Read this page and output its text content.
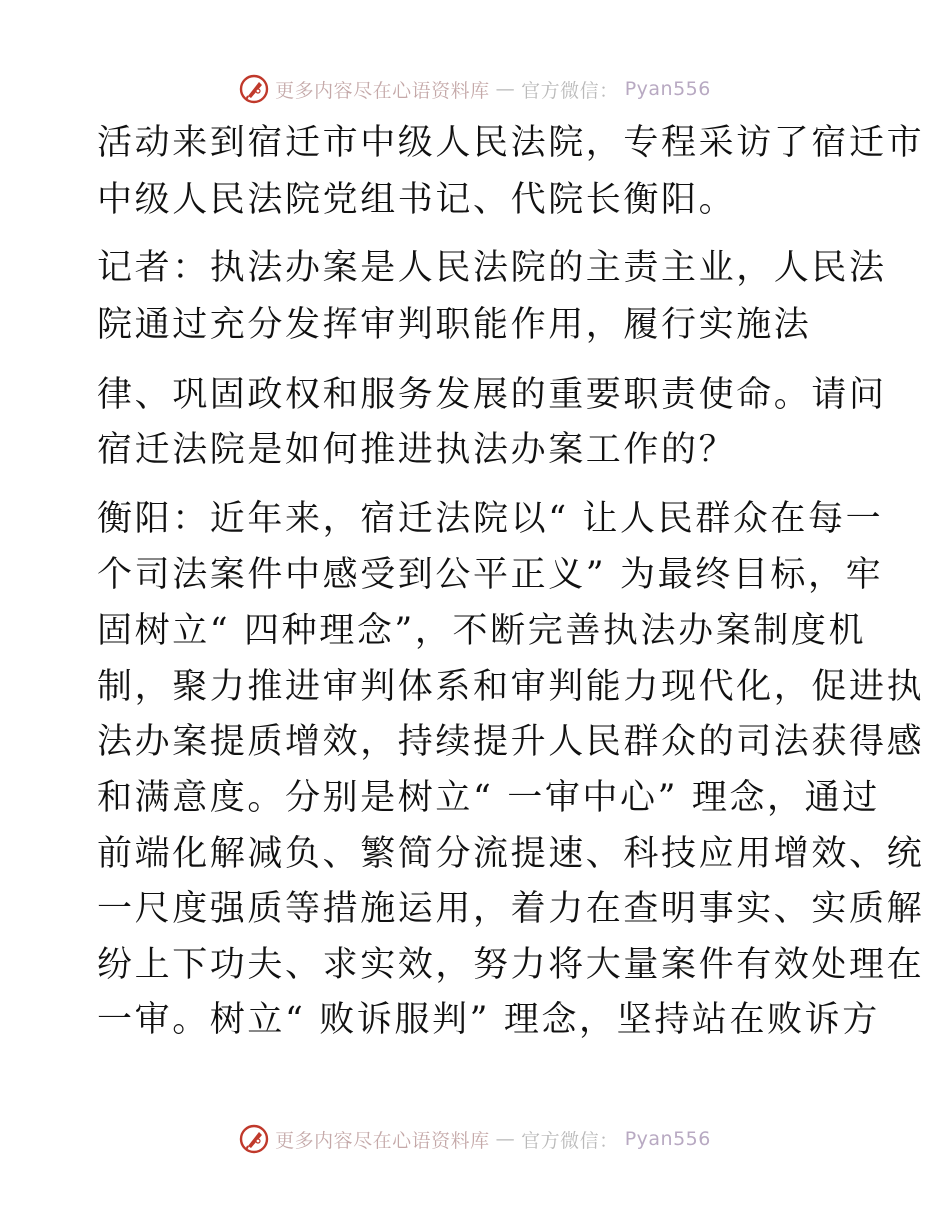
更多内容尽在心语资料库 — 官方微信： Pyan556
活动来到宿迁市中级人民法院，专程采访了宿迁市
中级人民法院党组书记、代院长衡阳。
记者：执法办案是人民法院的主责主业，人民法
院通过充分发挥审判职能作用，履行实施法
律、巩固政权和服务发展的重要职责使命。请问
宿迁法院是如何推进执法办案工作的？
衡阳：近年来，宿迁法院以“ 让人民群众在每一
个司法案件中感受到公平正义” 为最终目标，牢
固树立“ 四种理念”，不断完善执法办案制度机
制，聚力推进审判体系和审判能力现代化，促进执
法办案提质增效，持续提升人民群众的司法获得感
和满意度。分别是树立“ 一审中心” 理念，通过
前端化解减负、繁简分流提速、科技应用增效、统
一尺度强质等措施运用，着力在查明事实、实质解
纷上下功夫、求实效，努力将大量案件有效处理在
一审。树立“ 败诉服判” 理念，坚持站在败诉方
更多内容尽在心语资料库 — 官方微信： Pyan556
